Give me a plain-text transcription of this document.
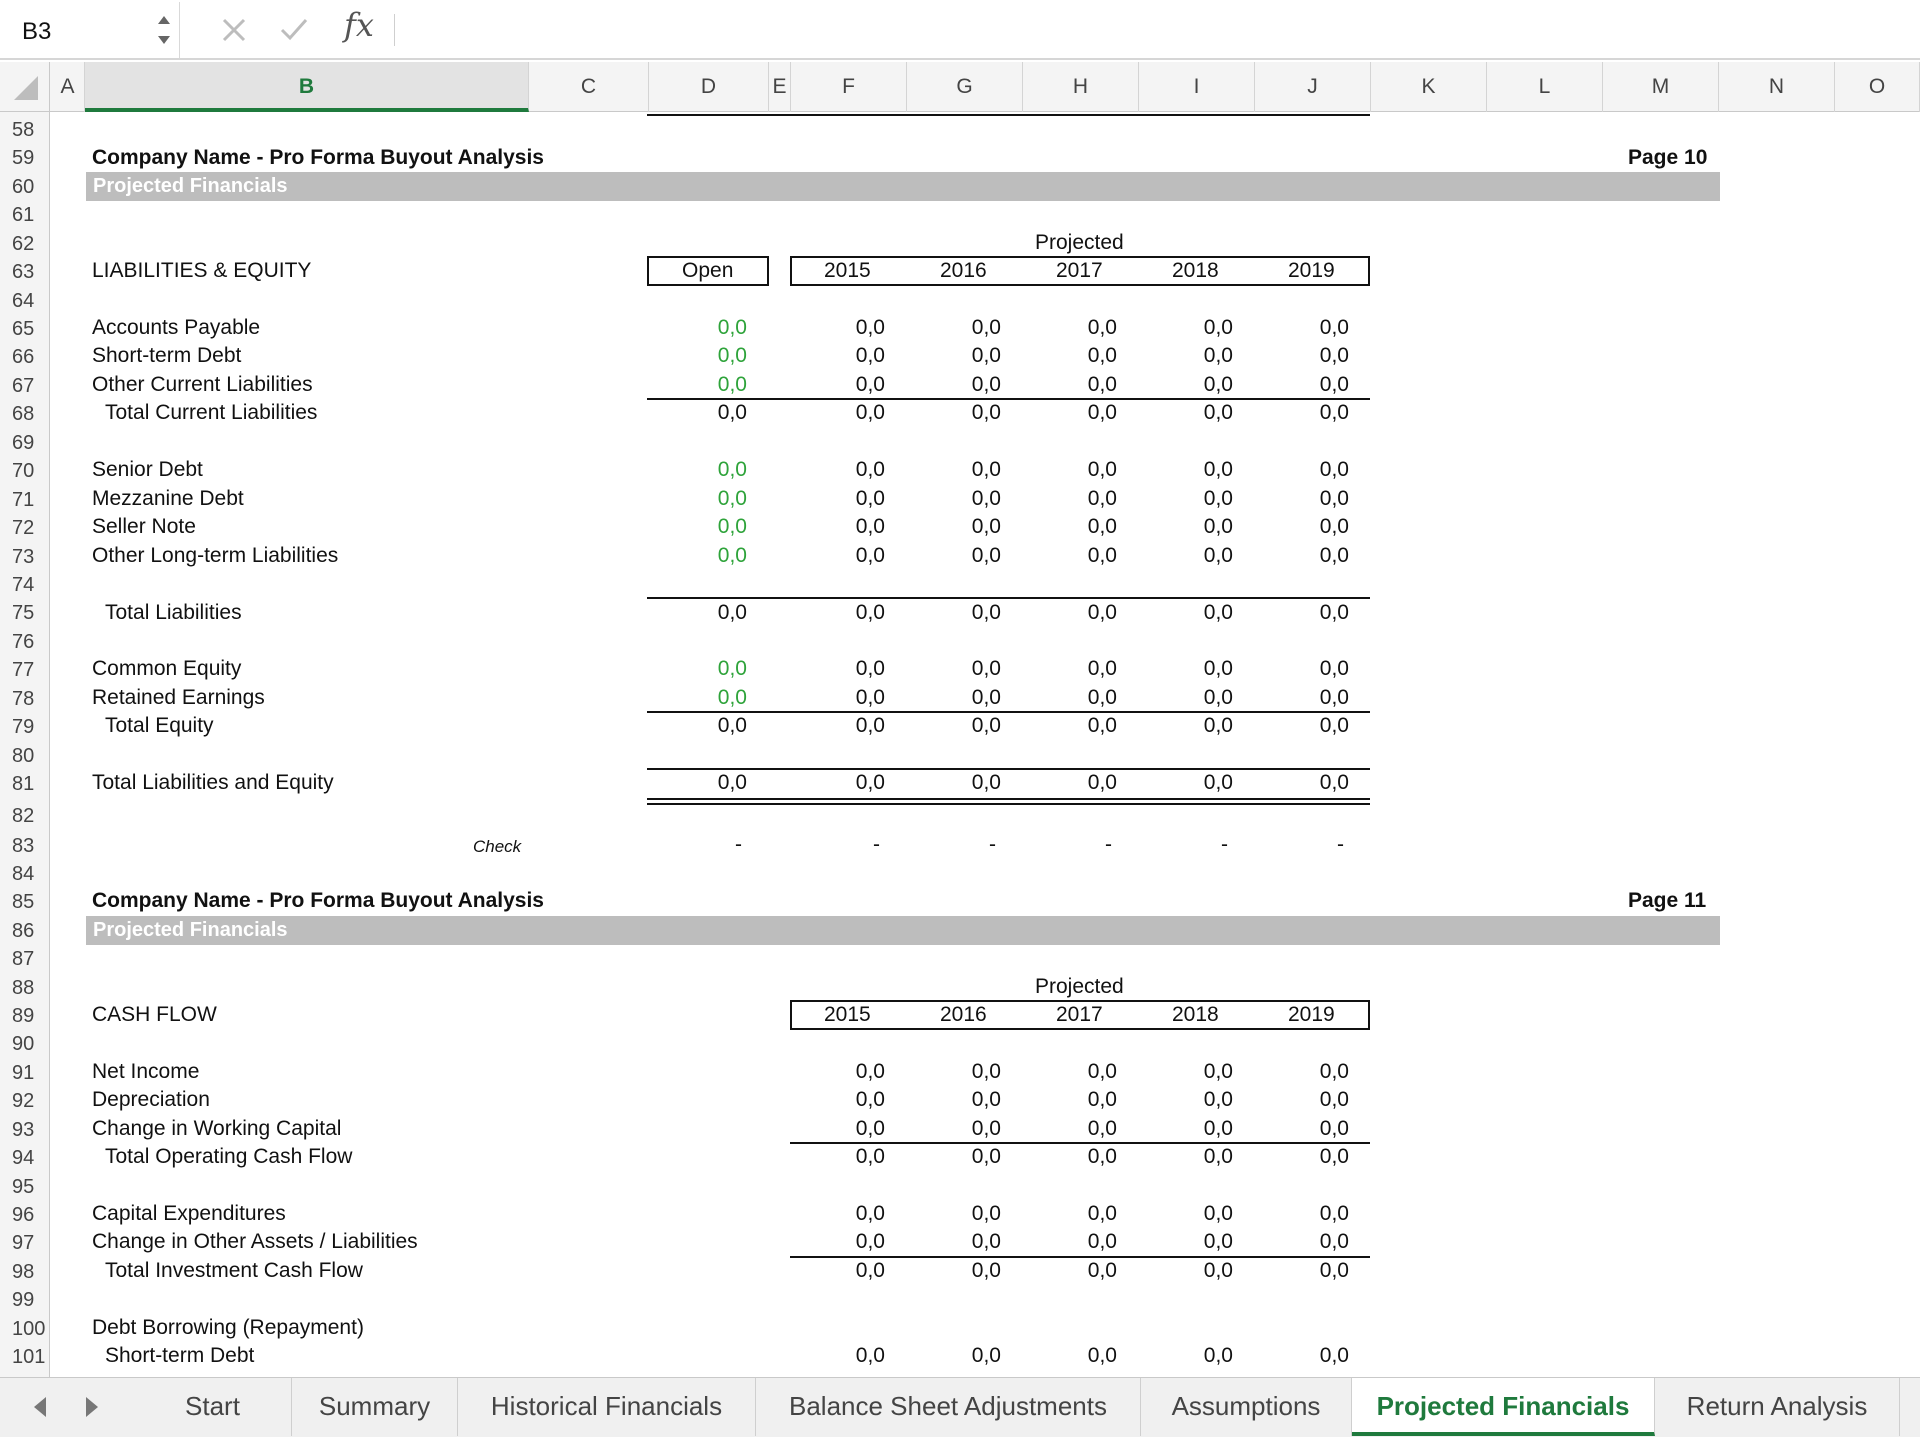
B3	fx
A	B	C	D	E	F	G	H	I	J	K	L	M	N	O
58
59
60
61
62
63
64
65
66
67
68
69
70
71
72
73
74
75
76
77
78
79
80
81
82
83
84
85
86
87
88
89
90
91
92
93
94
95
96
97
98
99
100
101
Company Name - Pro Forma Buyout Analysis	Page 10
Projected Financials
Projected
LIABILITIES & EQUITY	Open	2015	2016	2017	2018	2019
Accounts Payable	0,0	0,0	0,0	0,0	0,0	0,0
Short-term Debt	0,0	0,0	0,0	0,0	0,0	0,0
Other Current Liabilities	0,0	0,0	0,0	0,0	0,0	0,0
Total Current Liabilities	0,0	0,0	0,0	0,0	0,0	0,0
Senior Debt	0,0	0,0	0,0	0,0	0,0	0,0
Mezzanine Debt	0,0	0,0	0,0	0,0	0,0	0,0
Seller Note	0,0	0,0	0,0	0,0	0,0	0,0
Other Long-term Liabilities	0,0	0,0	0,0	0,0	0,0	0,0
Total Liabilities	0,0	0,0	0,0	0,0	0,0	0,0
Common Equity	0,0	0,0	0,0	0,0	0,0	0,0
Retained Earnings	0,0	0,0	0,0	0,0	0,0	0,0
Total Equity	0,0	0,0	0,0	0,0	0,0	0,0
Total Liabilities and Equity	0,0	0,0	0,0	0,0	0,0	0,0
Check	-	-	-	-	-	-
Company Name - Pro Forma Buyout Analysis	Page 11
Projected Financials
Projected
CASH FLOW	2015	2016	2017	2018	2019
Net Income	0,0	0,0	0,0	0,0	0,0
Depreciation	0,0	0,0	0,0	0,0	0,0
Change in Working Capital	0,0	0,0	0,0	0,0	0,0
Total Operating Cash Flow	0,0	0,0	0,0	0,0	0,0
Capital Expenditures	0,0	0,0	0,0	0,0	0,0
Change in Other Assets / Liabilities	0,0	0,0	0,0	0,0	0,0
Total Investment Cash Flow	0,0	0,0	0,0	0,0	0,0
Debt Borrowing (Repayment)
Short-term Debt	0,0	0,0	0,0	0,0	0,0
Start	Summary	Historical Financials	Balance Sheet Adjustments	Assumptions	Projected Financials	Return Analysis
